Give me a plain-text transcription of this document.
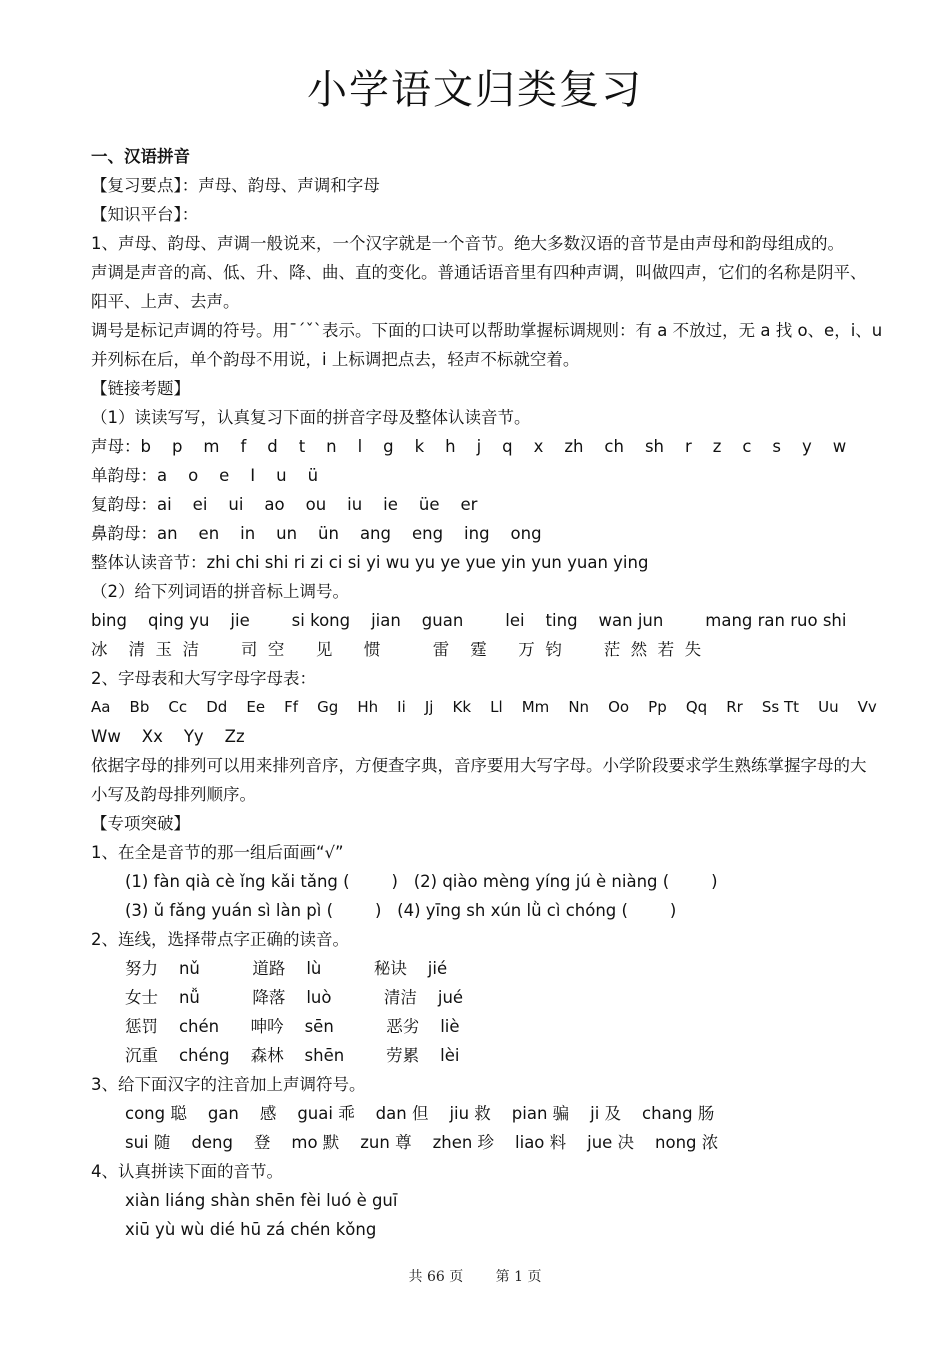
小学语文归类复习
一、汉语拼音
【复习要点】：声母、韵母、声调和字母
【知识平台】：
1、声母、韵母、声调一般说来，一个汉字就是一个音节。绝大多数汉语的音节是由声母和韵母组成的。
声调是声音的高、低、升、降、曲、直的变化。普通话语音里有四种声调，叫做四声，它们的名称是阴平、
阳平、上声、去声。
调号是标记声调的符号。用ˉˊˇˋ表示。下面的口诀可以帮助掌握标调规则：有 a 不放过，无 a 找 o、e，i、u
并列标在后，单个韵母不用说，i 上标调把点去，轻声不标就空着。
【链接考题】
（1）读读写写，认真复习下面的拼音字母及整体认读音节。
声母：b    p    m    f    d    t    n    l    g    k    h    j    q    x    zh    ch    sh    r    z    c    s    y    w
单韵母：a    o    e    I    u    ü
复韵母：ai    ei    ui    ao    ou    iu    ie    üe    er
鼻韵母：an    en    in    un    ün    ang    eng    ing    ong
整体认读音节：zhi chi shi ri zi ci si yi wu yu ye yue yin yun yuan ying
（2）给下列词语的拼音标上调号。
bing    qing yu    jie        si kong    jian    guan        lei    ting    wan jun        mang ran ruo shi
冰    清  玉  洁        司  空      见      惯          雷    霆      万  钧        茫  然  若  失
2、字母表和大写字母字母表：
Aa    Bb    Cc    Dd    Ee    Ff    Gg    Hh    Ii    Jj    Kk    Ll    Mm    Nn    Oo    Pp    Qq    Rr    Ss Tt    Uu    Vv
Ww    Xx    Yy    Zz
依据字母的排列可以用来排列音序，方便查字典，音序要用大写字母。小学阶段要求学生熟练掌握字母的大
小写及韵母排列顺序。
【专项突破】
1、在全是音节的那一组后面画“√”
(1) fàn qià cè ǐng kǎi tǎng (        )   (2) qiào mèng yíng jú è niàng (        )
(3) ǔ fǎng yuán sì làn pì (        )   (4) yīng sh xún lǜ cì chóng (        )
2、连线，选择带点字正确的读音。
努力    nǔ          道路    lù          秘诀    jié
女士    nǚ          降落    luò          清洁    jué
惩罚    chén      呻吟    sēn          恶劣    liè
沉重    chéng    森林    shēn        劳累    lèi
3、给下面汉字的注音加上声调符号。
cong 聪    gan    感    guai 乖    dan 但    jiu 救    pian 骗    ji 及    chang 肠
sui 随    deng    登    mo 默    zun 尊    zhen 珍    liao 料    jue 决    nong 浓
4、认真拼读下面的音节。
xiàn liáng shàn shēn fèi luó è guī
xiū yù wù dié hū zá chén kǒng
共 66 页 第 1 页
